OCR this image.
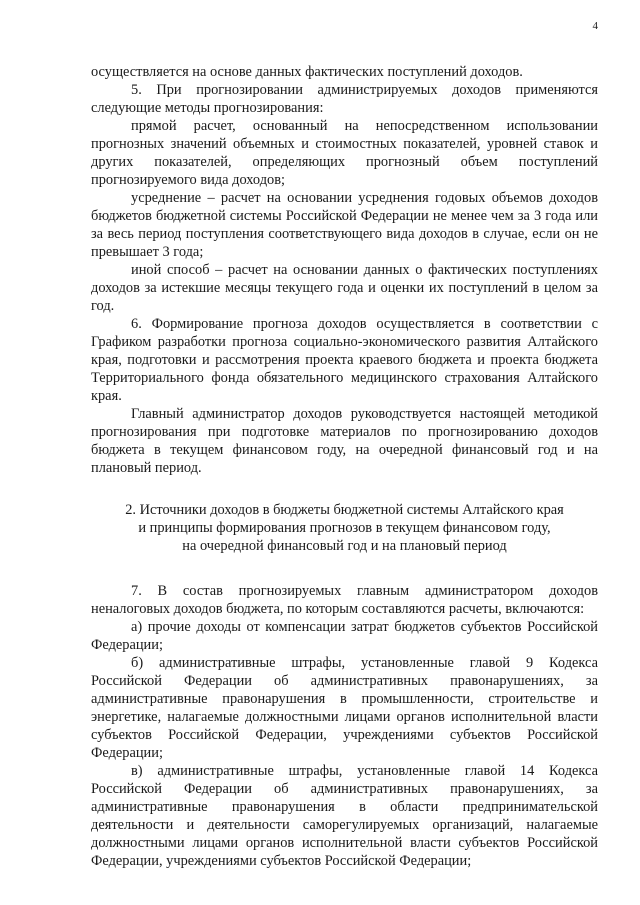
4

осуществляется на основе данных фактических поступлений доходов.

5. При прогнозировании администрируемых доходов применяются следующие методы прогнозирования:

прямой расчет, основанный на непосредственном использовании прогнозных значений объемных и стоимостных показателей, уровней ставок и других показателей, определяющих прогнозный объем поступлений прогнозируемого вида доходов;

усреднение – расчет на основании усреднения годовых объемов доходов бюджетов бюджетной системы Российской Федерации не менее чем за 3 года или за весь период поступления соответствующего вида доходов в случае, если он не превышает 3 года;

иной способ – расчет на основании данных о фактических поступлениях доходов за истекшие месяцы текущего года и оценки их поступлений в целом за год.

6. Формирование прогноза доходов осуществляется в соответствии с Графиком разработки прогноза социально-экономического развития Алтайского края, подготовки и рассмотрения проекта краевого бюджета и проекта бюджета Территориального фонда обязательного медицинского страхования Алтайского края.

Главный администратор доходов руководствуется настоящей методикой прогнозирования при подготовке материалов по прогнозированию доходов бюджета в текущем финансовом году, на очередной финансовый год и на плановый период.

2. Источники доходов в бюджеты бюджетной системы Алтайского края
и принципы формирования прогнозов в текущем финансовом году,
на очередной финансовый год и на плановый период

7. В состав прогнозируемых главным администратором доходов неналоговых доходов бюджета, по которым составляются расчеты, включаются:

а) прочие доходы от компенсации затрат бюджетов субъектов Российской Федерации;

б) административные штрафы, установленные главой 9 Кодекса Российской Федерации об административных правонарушениях, за административные правонарушения в промышленности, строительстве и энергетике, налагаемые должностными лицами органов исполнительной власти субъектов Российской Федерации, учреждениями субъектов Российской Федерации;

в) административные штрафы, установленные главой 14 Кодекса Российской Федерации об административных правонарушениях, за административные правонарушения в области предпринимательской деятельности и деятельности саморегулируемых организаций, налагаемые должностными лицами органов исполнительной власти субъектов Российской Федерации, учреждениями субъектов Российской Федерации;
